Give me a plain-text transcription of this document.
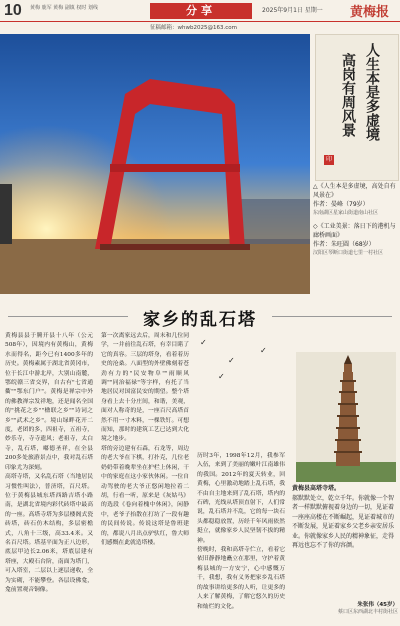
10 黄梅 鹿军 黄梅 副镇 权时 划线	分享	2025年9月1日 星期一 黄梅报
征稿邮箱：whwb2025@163.com
人生本是多虚境
高岗有周风景
印
△《人生本是多虚境，高处自有风景在》
作者：晏峰（79岁）
东南湖区星家山街道南山社区
◇《工业美景：落日下的港机与廊桥画面》
作者：朱旺圆（68岁）
汉阳区琴断口街道七里一村社区
家乡的乱石塔
黄梅县县于腾开县十八年（公元508年），因境内有黄梅山，黄梅水而得名，距今已有1400多年的历史。黄梅素属于湖北省黄冈市，位于长江中游北岸，大别山南麓，鄂皖赣三省交界，自古有"七省通衢""鄂东门户"。黄梅是禅宗中外的佛教禅宗发祥地，还是闻名全国的"挑花之乡""楹联之乡""诗词之乡""武术之乡"。境山绿畔花开二度，老团的多，四祖寺，五祖寺，妙乐寺，寺寺遗风；老祖寺，太白寺，乱石塔，嘟德圣祥，在全县200多处旅游景点中，我对乱石塔印象尤为深刻。
高塔寺塔，又名乱石塔（当地居民习惯性叫法），普济塔，百尺塔。位于黄梅县城东塔西路吉塔小路南，是湖北省境内彩代砖塔中最高的一座。高塔寺塔为多层楼阁式瓷砖塔，砖石仿木结构，多层密檐式，八角十三级，高33.4米。又名百尺塔。塔基平面为正八边形，底层甲边长2.06米，塔底层建有塔座，大殿石台阶，南面为塔门，可入塔室，二层以上逐层递收，全为实砌，不能攀登。各层设佛龛，龛前置观音铜像。
第一次离家远去后，周末和几位同学，一并前往乱石塔，有幸目睹了它的真容。三层的塔身，看着着历史的沧桑。八面型的外壁佛刻着苍劲有力的"民安物阜""雨顺风调""同治福禄"等字样，有托了当地居民对国富民安的期望。整个塔身看上去十分庄间，和谐，美观，面对人称奇的是，一座百尺高塔首然不用一寸木料，一棵铁钉。可想而知，那时的建筑工艺已达到大化境之地步。
塔的旁边建有石森，石龙等，周边的老大爷在下棋，打扑克，几位老奶奶带着晚辈坐在护栏上休闲，干中的家庭在这小家伙休闲。一位自动驾驶的老大爷正悠闲地拉着二胡，行看一听，原来是《灰姑马》的选段《卷向着槐中休闲》，闲静中，老爷子抬散在打坊了一段有趣的民间传说。传说这塔是鲁班建的，都说八月出点驴驮红，鲁大师们感慨在此就造塔楼。
历时3年，1998年12月，我参军入伍，来到了美丽的嫩叶江南雄伟的我国。2012年的夏天转业，回黄梅，心里激动地踏上乱石塔，我不由自主地来到了乱石塔，塔内的石碑，光线从塔顶直射下，人们常说，乱石塔并不乱，它的每一块石头都稳稳放置，历经千年风雨依然挺立，就像家乡人民坚韧不拔的精神。
傍晚时，我和高塔寺伫立，看着它依旧静静地矗立在那里，守护着黄梅县城的一方安宁，心中感慨万千，我想，我有义务把家乡乱石塔的故事讲给更多的人听，让更多的人来了解黄梅，了解它悠久的历史和灿烂的文化。
✓
✓
✓
✓
黄梅县高塔寺塔。
郝默默处立，乾立千年。你就像一个智者一样默默俯视着身边的一切，见证着一座座高楼在不断崛起，见证着城市的不断发展，见证着家乡父老乡亲安居乐业。你就像家乡人民的精神象征，走得再远也忘不了你的容颜。
朱张伟（45岁）
蔡口区东西湖北丰村街社区
